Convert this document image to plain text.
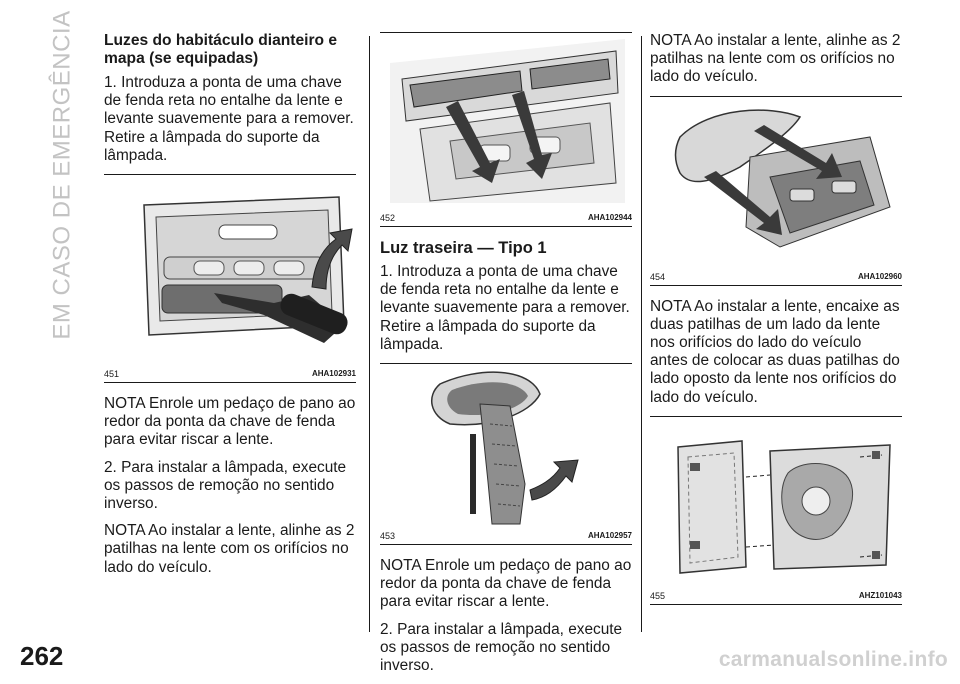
EM CASO DE EMERGÊNCIA Luzes do habitáculo dianteiro e mapa (se equipadas)

1. Introduza a ponta de uma chave de fenda reta no entalhe da lente e levante suavemente para a remover. Retire a lâmpada do suporte da lâmpada.

451	AHA102931

NOTA Enrole um pedaço de pano ao redor da ponta da chave de fenda para evitar riscar a lente.

2. Para instalar a lâmpada, execute os passos de remoção no sentido inverso.

NOTA Ao instalar a lente, alinhe as 2 patilhas na lente com os orifícios no lado do veículo.

452	AHA102944
Luz traseira — Tipo 1

1. Introduza a ponta de uma chave de fenda reta no entalhe da lente e levante suavemente para a remover. Retire a lâmpada do suporte da lâmpada.

453	AHA102957

NOTA Enrole um pedaço de pano ao redor da ponta da chave de fenda para evitar riscar a lente.

2. Para instalar a lâmpada, execute os passos de remoção no sentido inverso.

NOTA Ao instalar a lente, alinhe as 2 patilhas na lente com os orifícios no lado do veículo.

454	AHA102960

NOTA Ao instalar a lente, encaixe as duas patilhas de um lado da lente nos orifícios do lado do veículo antes de colocar as duas patilhas do lado oposto da lente nos orifícios do lado do veículo.

455	AHZ101043
262	carmanualsonline.info
